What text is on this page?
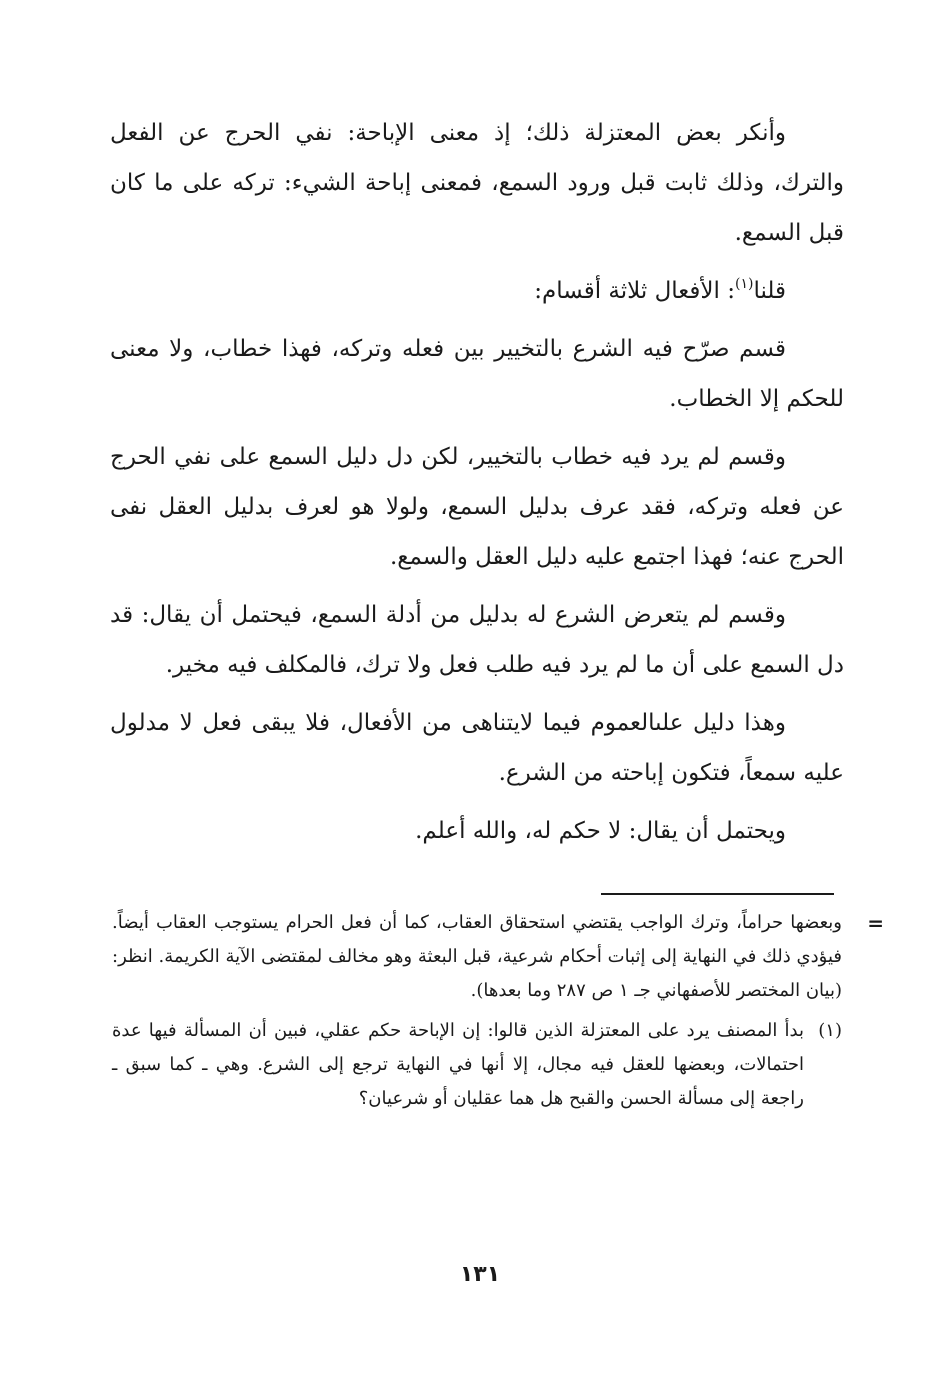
وأنكر بعض المعتزلة ذلك؛ إذ معنى الإباحة: نفي الحرج عن الفعل والترك، وذلك ثابت قبل ورود السمع، فمعنى إباحة الشيء: تركه على ما كان قبل السمع.

قلنا$^{(١)}$: الأفعال ثلاثة أقسام:

قسم صرّح فيه الشرع بالتخيير بين فعله وتركه، فهذا خطاب، ولا معنى للحكم إلا الخطاب.

وقسم لم يرد فيه خطاب بالتخيير، لكن دل دليل السمع على نفي الحرج عن فعله وتركه، فقد عرف بدليل السمع، ولولا هو لعرف بدليل العقل نفى الحرج عنه؛ فهذا اجتمع عليه دليل العقل والسمع.

وقسم لم يتعرض الشرع له بدليل من أدلة السمع، فيحتمل أن يقال: قد دل السمع على أن ما لم يرد فيه طلب فعل ولا ترك، فالمكلف فيه مخير.

وهذا دليل علىالعموم فيما لايتناهى من الأفعال، فلا يبقى فعل لا مدلول عليه سمعاً، فتكون إباحته من الشرع.

ويحتمل أن يقال: لا حكم له، والله أعلم.

=
وبعضها حراماً، وترك الواجب يقتضي استحقاق العقاب، كما أن فعل الحرام يستوجب العقاب أيضاً. فيؤدي ذلك في النهاية إلى إثبات أحكام شرعية، قبل البعثة وهو مخالف لمقتضى الآية الكريمة. انظر: (بيان المختصر للأصفهاني جـ ١ ص ٢٨٧ وما بعدها).
(١)
بدأ المصنف يرد على المعتزلة الذين قالوا: إن الإباحة حكم عقلي، فبين أن المسألة فيها عدة احتمالات، وبعضها للعقل فيه مجال، إلا أنها في النهاية ترجع إلى الشرع. وهي ـ كما سبق ـ راجعة إلى مسألة الحسن والقبح هل هما عقليان أو شرعيان؟
١٣١
